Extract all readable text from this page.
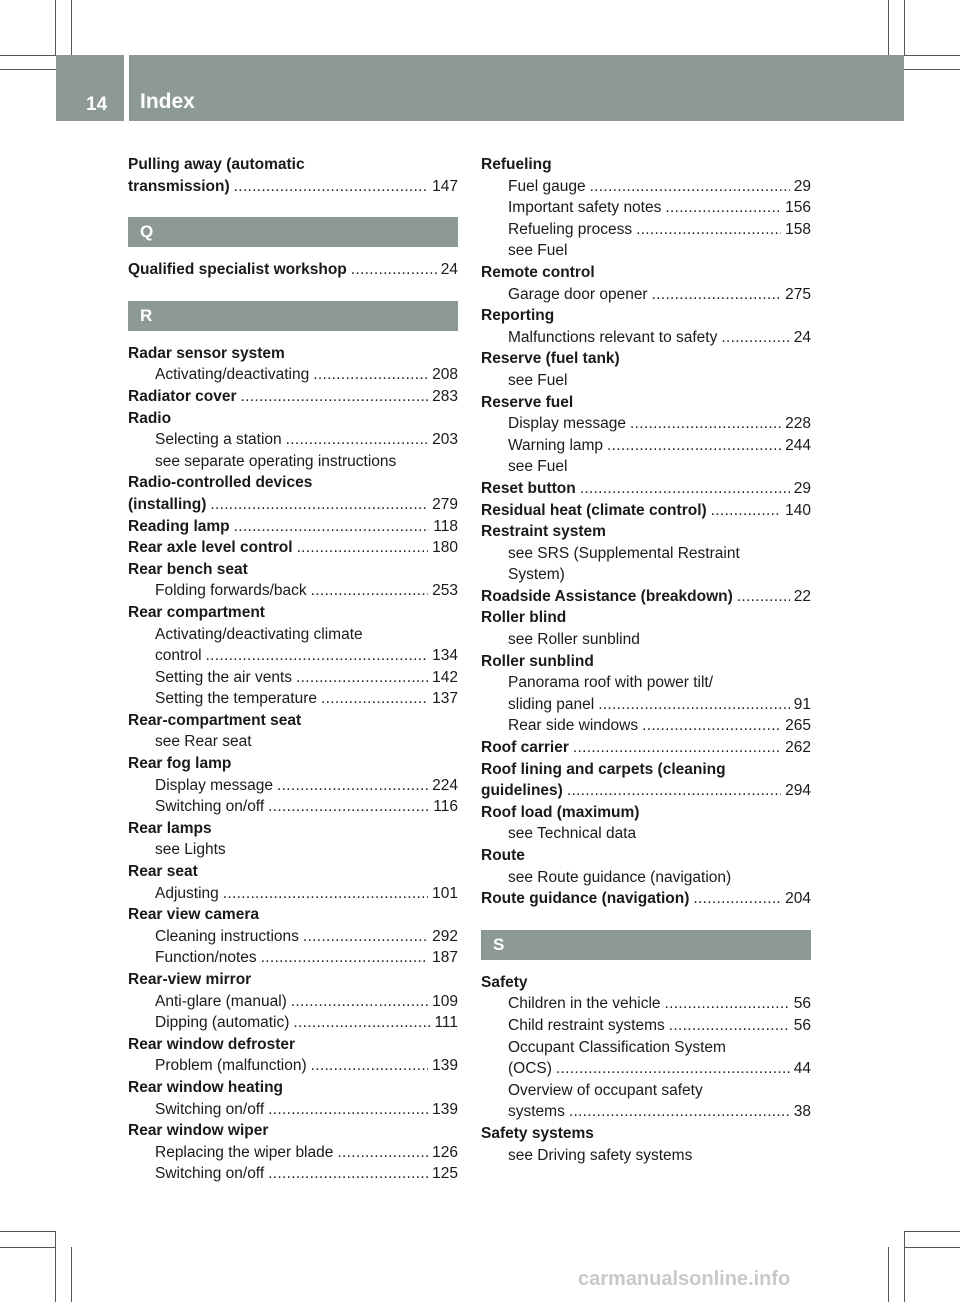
14 Index
Pulling away (automatic
transmission) . . .	147
Q
Qualified specialist workshop . . .	24
R
Radar sensor system
Activating/deactivating . . .	208
Radiator cover . . .	283
Radio
Selecting a station . . .	203
see separate operating instructions
Radio-controlled devices
(installing) . . .	279
Reading lamp . . .	118
Rear axle level control . . .	180
Rear bench seat
Folding forwards/back . . .	253
Rear compartment
Activating/deactivating climate
control . . .	134
Setting the air vents . . .	142
Setting the temperature . . .	137
Rear-compartment seat
see Rear seat
Rear fog lamp
Display message . . .	224
Switching on/off . . .	116
Rear lamps
see Lights
Rear seat
Adjusting . . .	101
Rear view camera
Cleaning instructions . . .	292
Function/notes . . .	187
Rear-view mirror
Anti-glare (manual) . . .	109
Dipping (automatic) . . .	111
Rear window defroster
Problem (malfunction) . . .	139
Rear window heating
Switching on/off . . .	139
Rear window wiper
Replacing the wiper blade . . .	126
Switching on/off . . .	125
Refueling
Fuel gauge . . .	29
Important safety notes . . .	156
Refueling process . . .	158
see Fuel
Remote control
Garage door opener . . .	275
Reporting
Malfunctions relevant to safety . . .	24
Reserve (fuel tank)
see Fuel
Reserve fuel
Display message . . .	228
Warning lamp . . .	244
see Fuel
Reset button . . .	29
Residual heat (climate control) . . .	140
Restraint system
see SRS (Supplemental Restraint
System)
Roadside Assistance (breakdown) . . .	22
Roller blind
see Roller sunblind
Roller sunblind
Panorama roof with power tilt/
sliding panel . . .	91
Rear side windows . . .	265
Roof carrier . . .	262
Roof lining and carpets (cleaning
guidelines) . . .	294
Roof load (maximum)
see Technical data
Route
see Route guidance (navigation)
Route guidance (navigation) . . .	204
S
Safety
Children in the vehicle . . .	56
Child restraint systems . . .	56
Occupant Classification System
(OCS) . . .	44
Overview of occupant safety
systems . . .	38
Safety systems
see Driving safety systems
carmanualsonline.info
